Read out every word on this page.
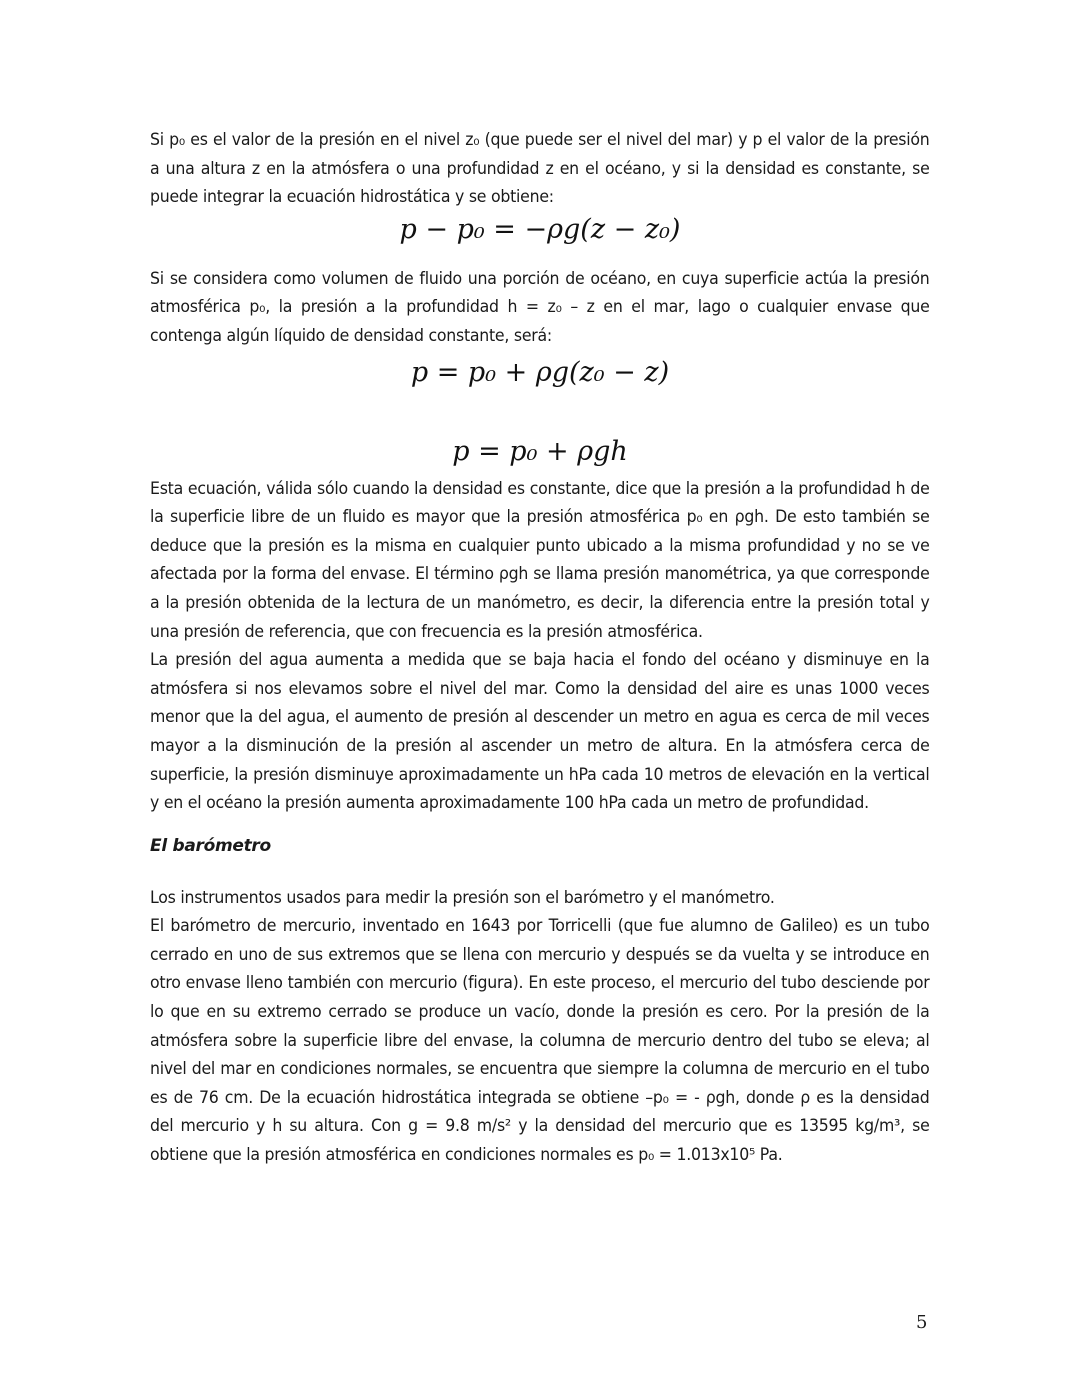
Si p₀ es el valor de la presión en el nivel z₀ (que puede ser el nivel del mar) y p el valor de la presión a una altura z en la atmósfera o una profundidad z en el océano, y si la densidad es constante, se puede integrar la ecuación hidrostática y se obtiene:

p − p₀ = −ρg(z − z₀)

Si se considera como volumen de fluido una porción de océano, en cuya superficie actúa la presión atmosférica p₀, la presión a la profundidad h = z₀ – z en el mar, lago o cualquier envase que contenga algún líquido de densidad constante, será:

p = p₀ + ρg(z₀ − z)

p = p₀ + ρgh

Esta ecuación, válida sólo cuando la densidad es constante, dice que la presión a la profundidad h de la superficie libre de un fluido es mayor que la presión atmosférica p₀ en ρgh. De esto también se deduce que la presión es la misma en cualquier punto ubicado a la misma profundidad y no se ve afectada por la forma del envase. El término ρgh se llama presión manométrica, ya que corresponde a la presión obtenida de la lectura de un manómetro, es decir, la diferencia entre la presión total y una presión de referencia, que con frecuencia es la presión atmosférica.

La presión del agua aumenta a medida que se baja hacia el fondo del océano y disminuye en la atmósfera si nos elevamos sobre el nivel del mar. Como la densidad del aire es unas 1000 veces menor que la del agua, el aumento de presión al descender un metro en agua es cerca de mil veces mayor a la disminución de la presión al ascender un metro de altura. En la atmósfera cerca de superficie, la presión disminuye aproximadamente un hPa cada 10 metros de elevación en la vertical y en el océano la presión aumenta aproximadamente 100 hPa cada un metro de profundidad.

El barómetro

Los instrumentos usados para medir la presión son el barómetro y el manómetro.

El barómetro de mercurio, inventado en 1643 por Torricelli (que fue alumno de Galileo) es un tubo cerrado en uno de sus extremos que se llena con mercurio y después se da vuelta y se introduce en otro envase lleno también con mercurio (figura). En este proceso, el mercurio del tubo desciende por lo que en su extremo cerrado se produce un vacío, donde la presión es cero. Por la presión de la atmósfera sobre la superficie libre del envase, la columna de mercurio dentro del tubo se eleva; al nivel del mar en condiciones normales, se encuentra que siempre la columna de mercurio en el tubo es de 76 cm. De la ecuación hidrostática integrada se obtiene –p₀ = - ρgh, donde ρ es la densidad del mercurio y h su altura. Con g = 9.8 m/s² y la densidad del mercurio que es 13595 kg/m³, se obtiene que la presión atmosférica en condiciones normales es p₀ = 1.013x10⁵ Pa.

5
